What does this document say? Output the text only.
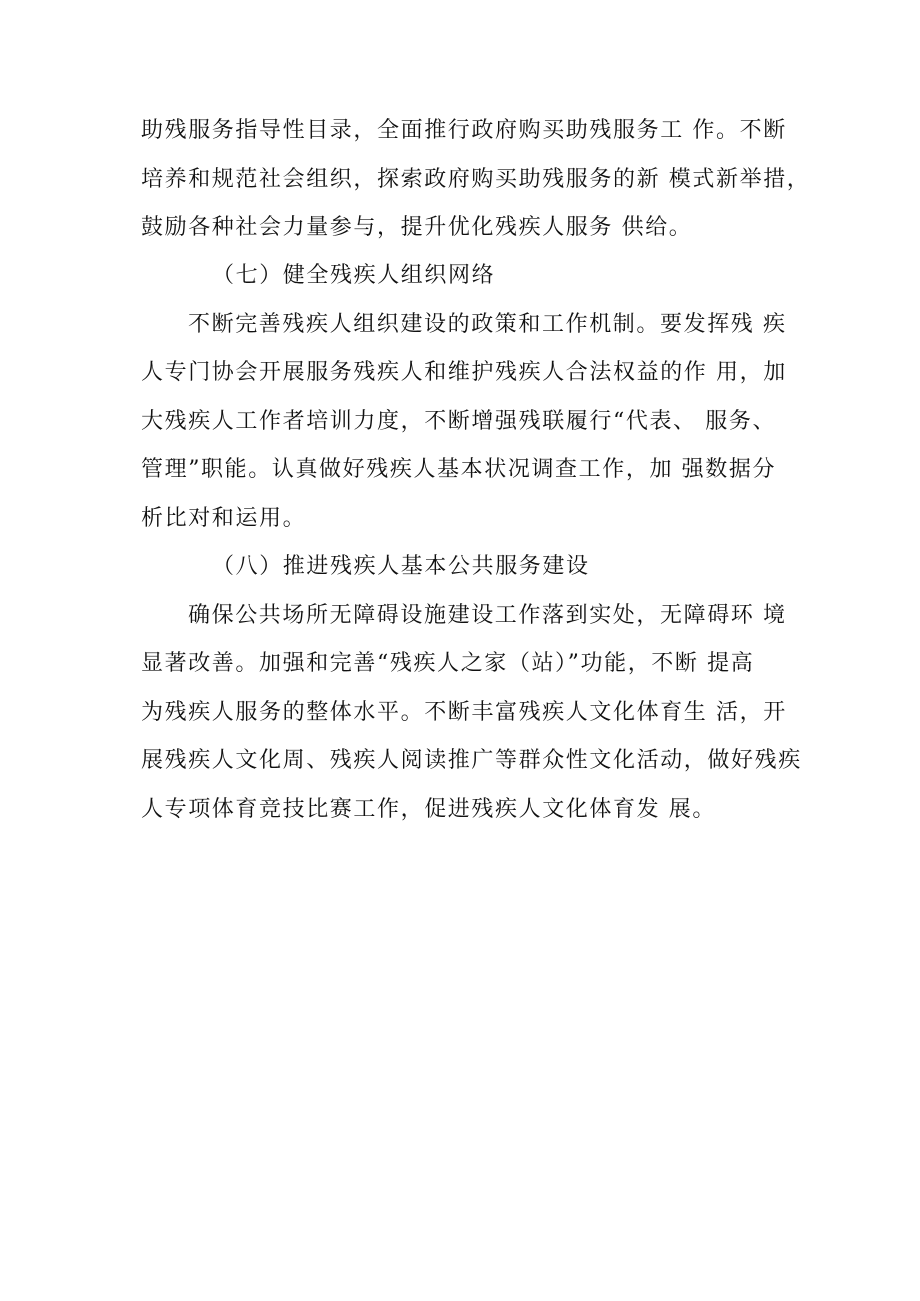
助残服务指导性目录，全面推行政府购买助残服务工 作。不断
培养和规范社会组织，探索政府购买助残服务的新 模式新举措，
鼓励各种社会力量参与，提升优化残疾人服务 供给。
（七）健全残疾人组织网络
不断完善残疾人组织建设的政策和工作机制。要发挥残 疾
人专门协会开展服务残疾人和维护残疾人合法权益的作 用，加
大残疾人工作者培训力度，不断增强残联履行“代表、 服务、
管理”职能。认真做好残疾人基本状况调查工作，加 强数据分
析比对和运用。
（八）推进残疾人基本公共服务建设
确保公共场所无障碍设施建设工作落到实处，无障碍环 境
显著改善。加强和完善“残疾人之家（站）”功能，不断 提高
为残疾人服务的整体水平。不断丰富残疾人文化体育生 活，开
展残疾人文化周、残疾人阅读推广等群众性文化活动，做好残疾
人专项体育竞技比赛工作，促进残疾人文化体育发 展。
